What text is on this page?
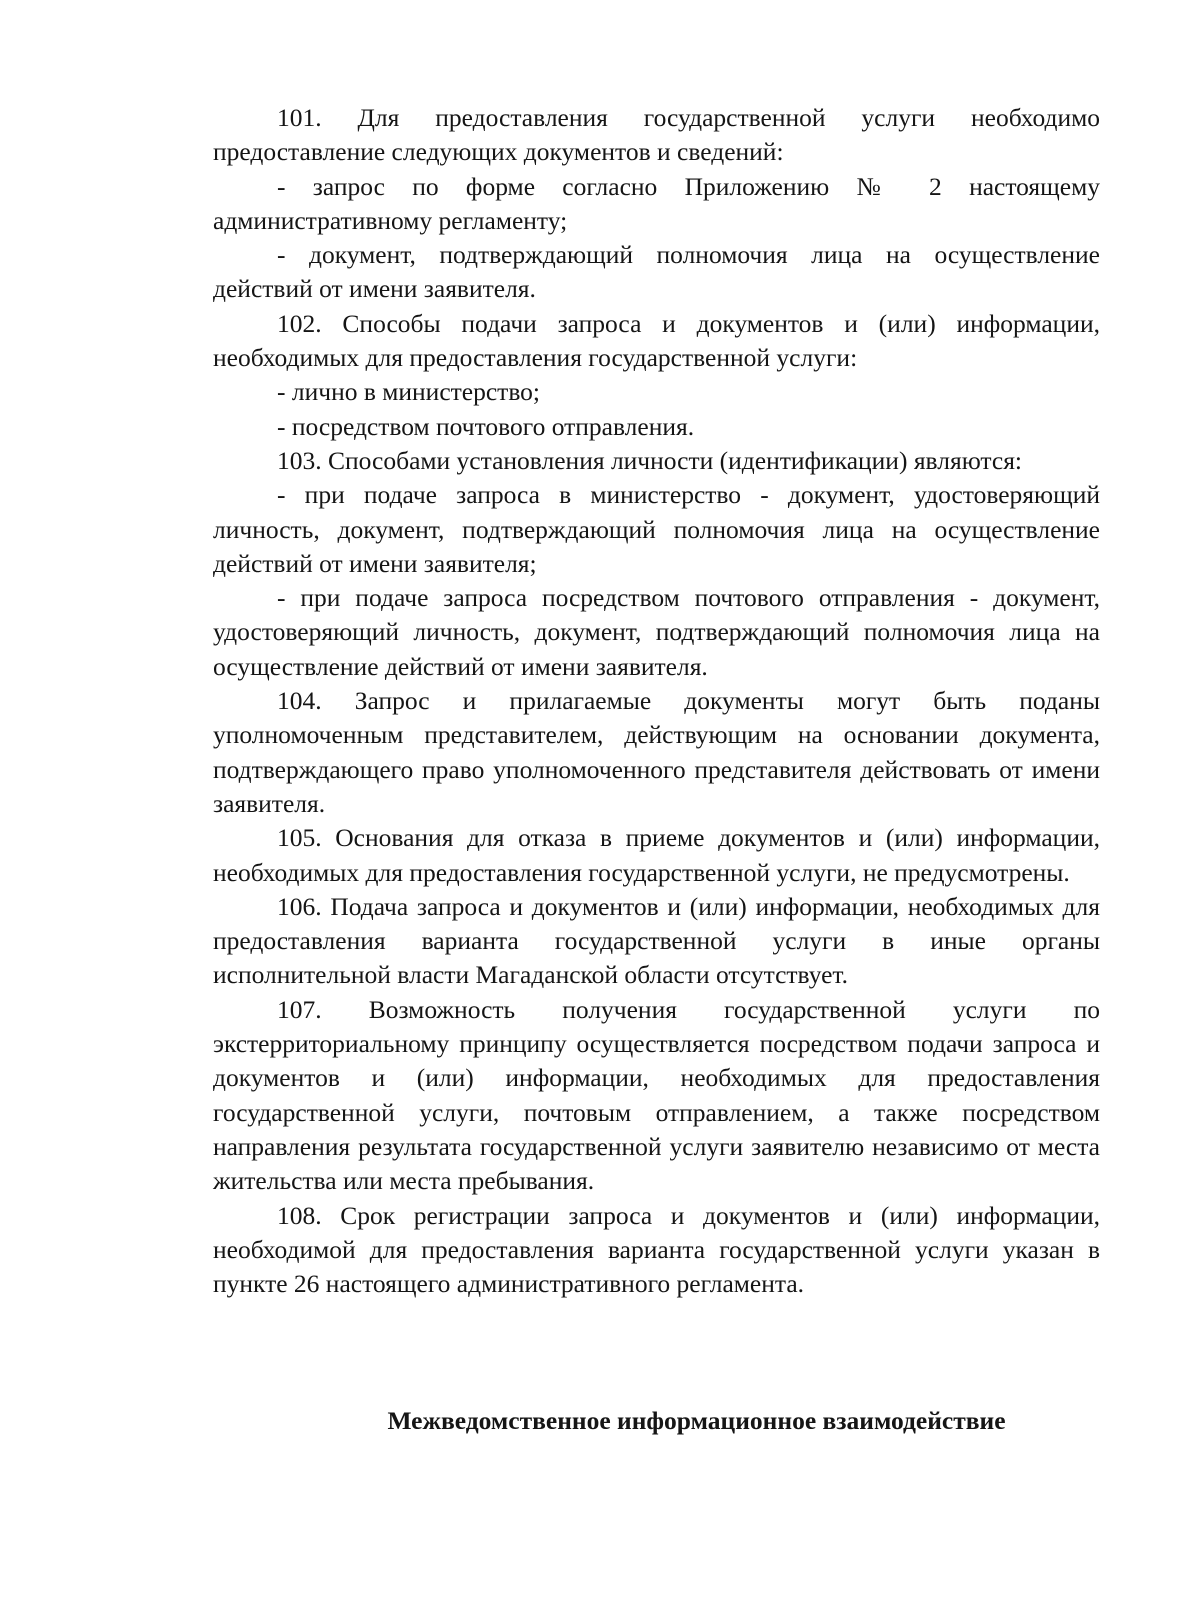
101. Для предоставления государственной услуги необходимо предоставление следующих документов и сведений:

- запрос по форме согласно Приложению № 2 настоящему административному регламенту;

- документ, подтверждающий полномочия лица на осуществление действий от имени заявителя.

102. Способы подачи запроса и документов и (или) информации, необходимых для предоставления государственной услуги:

- лично в министерство;

- посредством почтового отправления.

103. Способами установления личности (идентификации) являются:

- при подаче запроса в министерство - документ, удостоверяющий личность, документ, подтверждающий полномочия лица на осуществление действий от имени заявителя;

- при подаче запроса посредством почтового отправления - документ, удостоверяющий личность, документ, подтверждающий полномочия лица на осуществление действий от имени заявителя.

104. Запрос и прилагаемые документы могут быть поданы уполномоченным представителем, действующим на основании документа, подтверждающего право уполномоченного представителя действовать от имени заявителя.

105. Основания для отказа в приеме документов и (или) информации, необходимых для предоставления государственной услуги, не предусмотрены.

106. Подача запроса и документов и (или) информации, необходимых для предоставления варианта государственной услуги в иные органы исполнительной власти Магаданской области отсутствует.

107. Возможность получения государственной услуги по экстерриториальному принципу осуществляется посредством подачи запроса и документов и (или) информации, необходимых для предоставления государственной услуги, почтовым отправлением, а также посредством направления результата государственной услуги заявителю независимо от места жительства или места пребывания.

108. Срок регистрации запроса и документов и (или) информации, необходимой для предоставления варианта государственной услуги указан в пункте 26 настоящего административного регламента.

Межведомственное информационное взаимодействие
